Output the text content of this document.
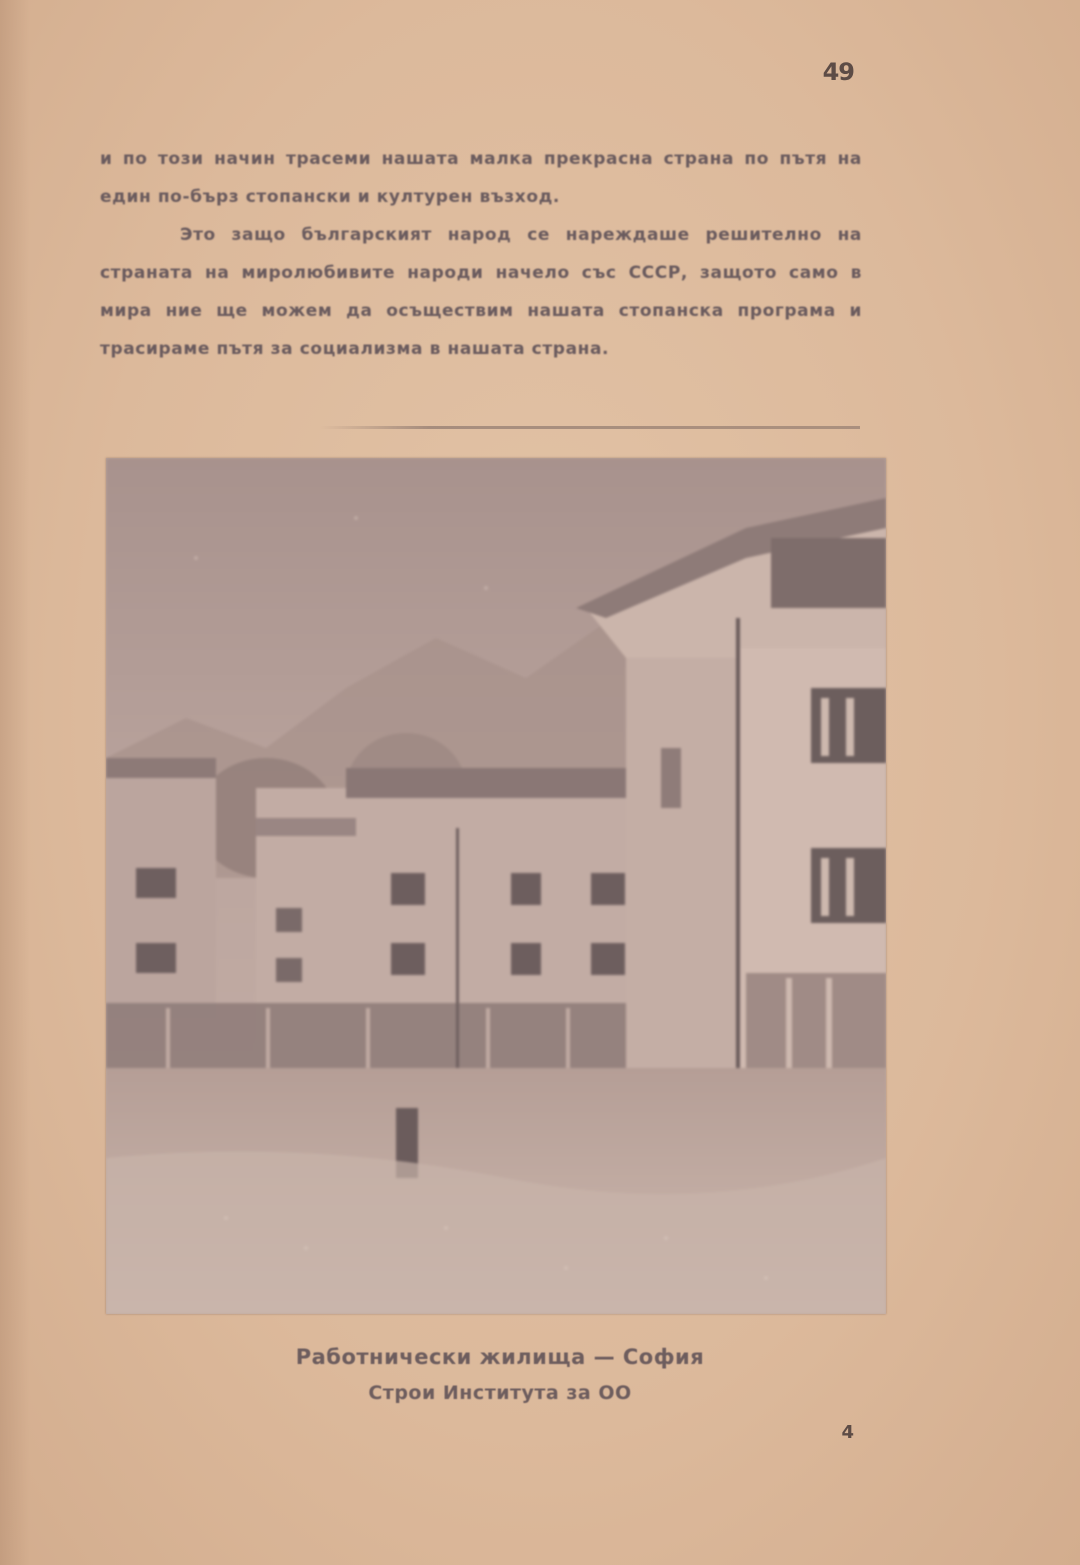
49

и по този начин трасеми нашата малка прекрасна страна по пътя на един по-бърз стопански и културен възход.

Это защо българският народ се нареждаше решително на страната на миролюбивите народи начело със СССР, защото само в мира ние ще можем да осъществим нашата стопанска програма и трасираме пътя за социализма в нашата страна.

Работнически жилища — София
Строи Института за ОО
4
